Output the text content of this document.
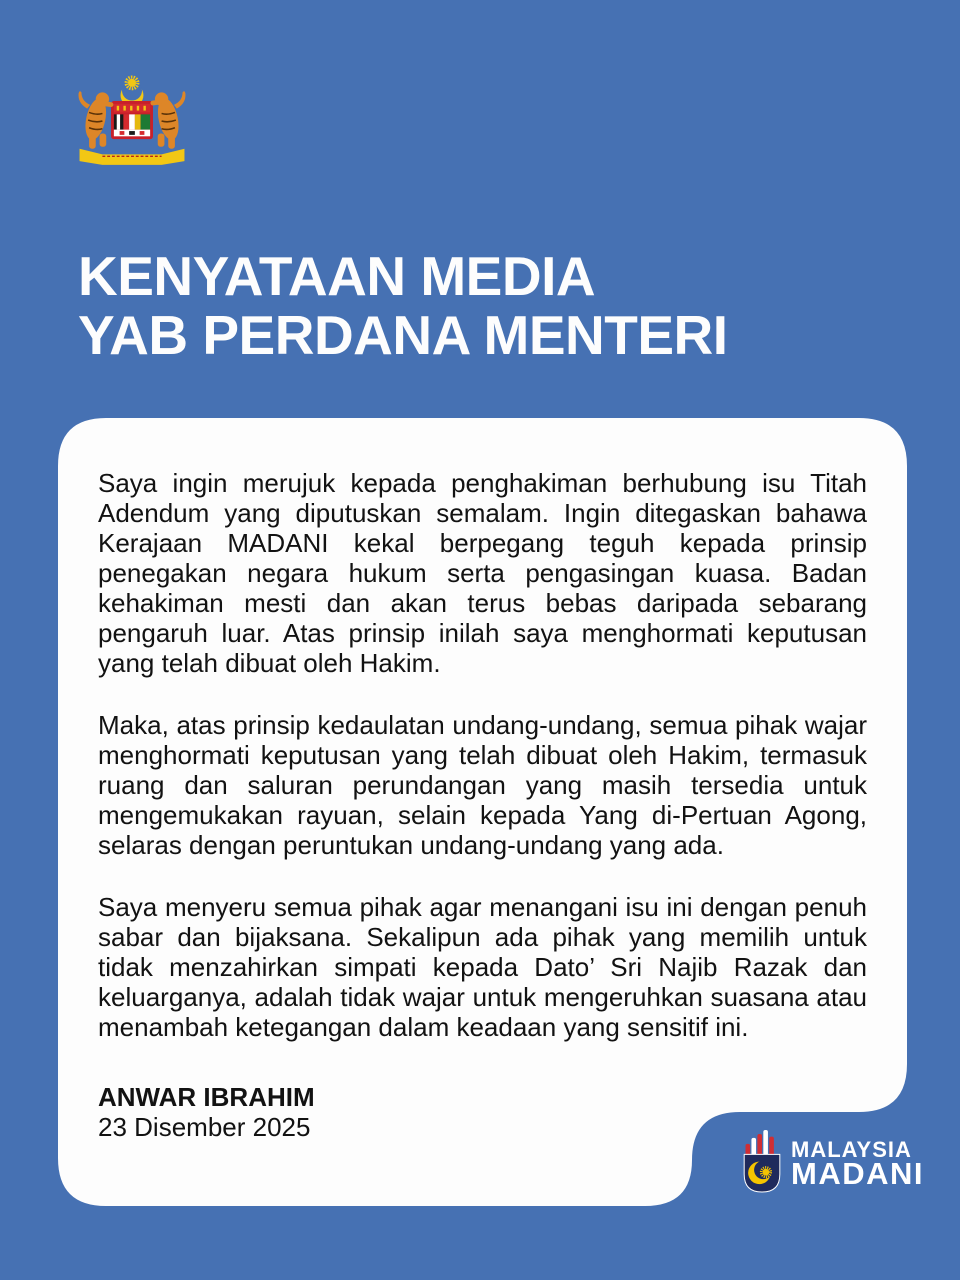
KENYATAAN MEDIA
YAB PERDANA MENTERI

Saya ingin merujuk kepada penghakiman berhubung isu Titah Adendum yang diputuskan semalam. Ingin ditegaskan bahawa Kerajaan MADANI kekal berpegang teguh kepada prinsip penegakan negara hukum serta pengasingan kuasa. Badan kehakiman mesti dan akan terus bebas daripada sebarang pengaruh luar. Atas prinsip inilah saya menghormati keputusan yang telah dibuat oleh Hakim.

Maka, atas prinsip kedaulatan undang-undang, semua pihak wajar menghormati keputusan yang telah dibuat oleh Hakim, termasuk ruang dan saluran perundangan yang masih tersedia untuk mengemukakan rayuan, selain kepada Yang di-Pertuan Agong, selaras dengan peruntukan undang-undang yang ada.

Saya menyeru semua pihak agar menangani isu ini dengan penuh sabar dan bijaksana. Sekalipun ada pihak yang memilih untuk tidak menzahirkan simpati kepada Dato’ Sri Najib Razak dan keluarganya, adalah tidak wajar untuk mengeruhkan suasana atau menambah ketegangan dalam keadaan yang sensitif ini.

ANWAR IBRAHIM
23 Disember 2025
MALAYSIA
MADANI
